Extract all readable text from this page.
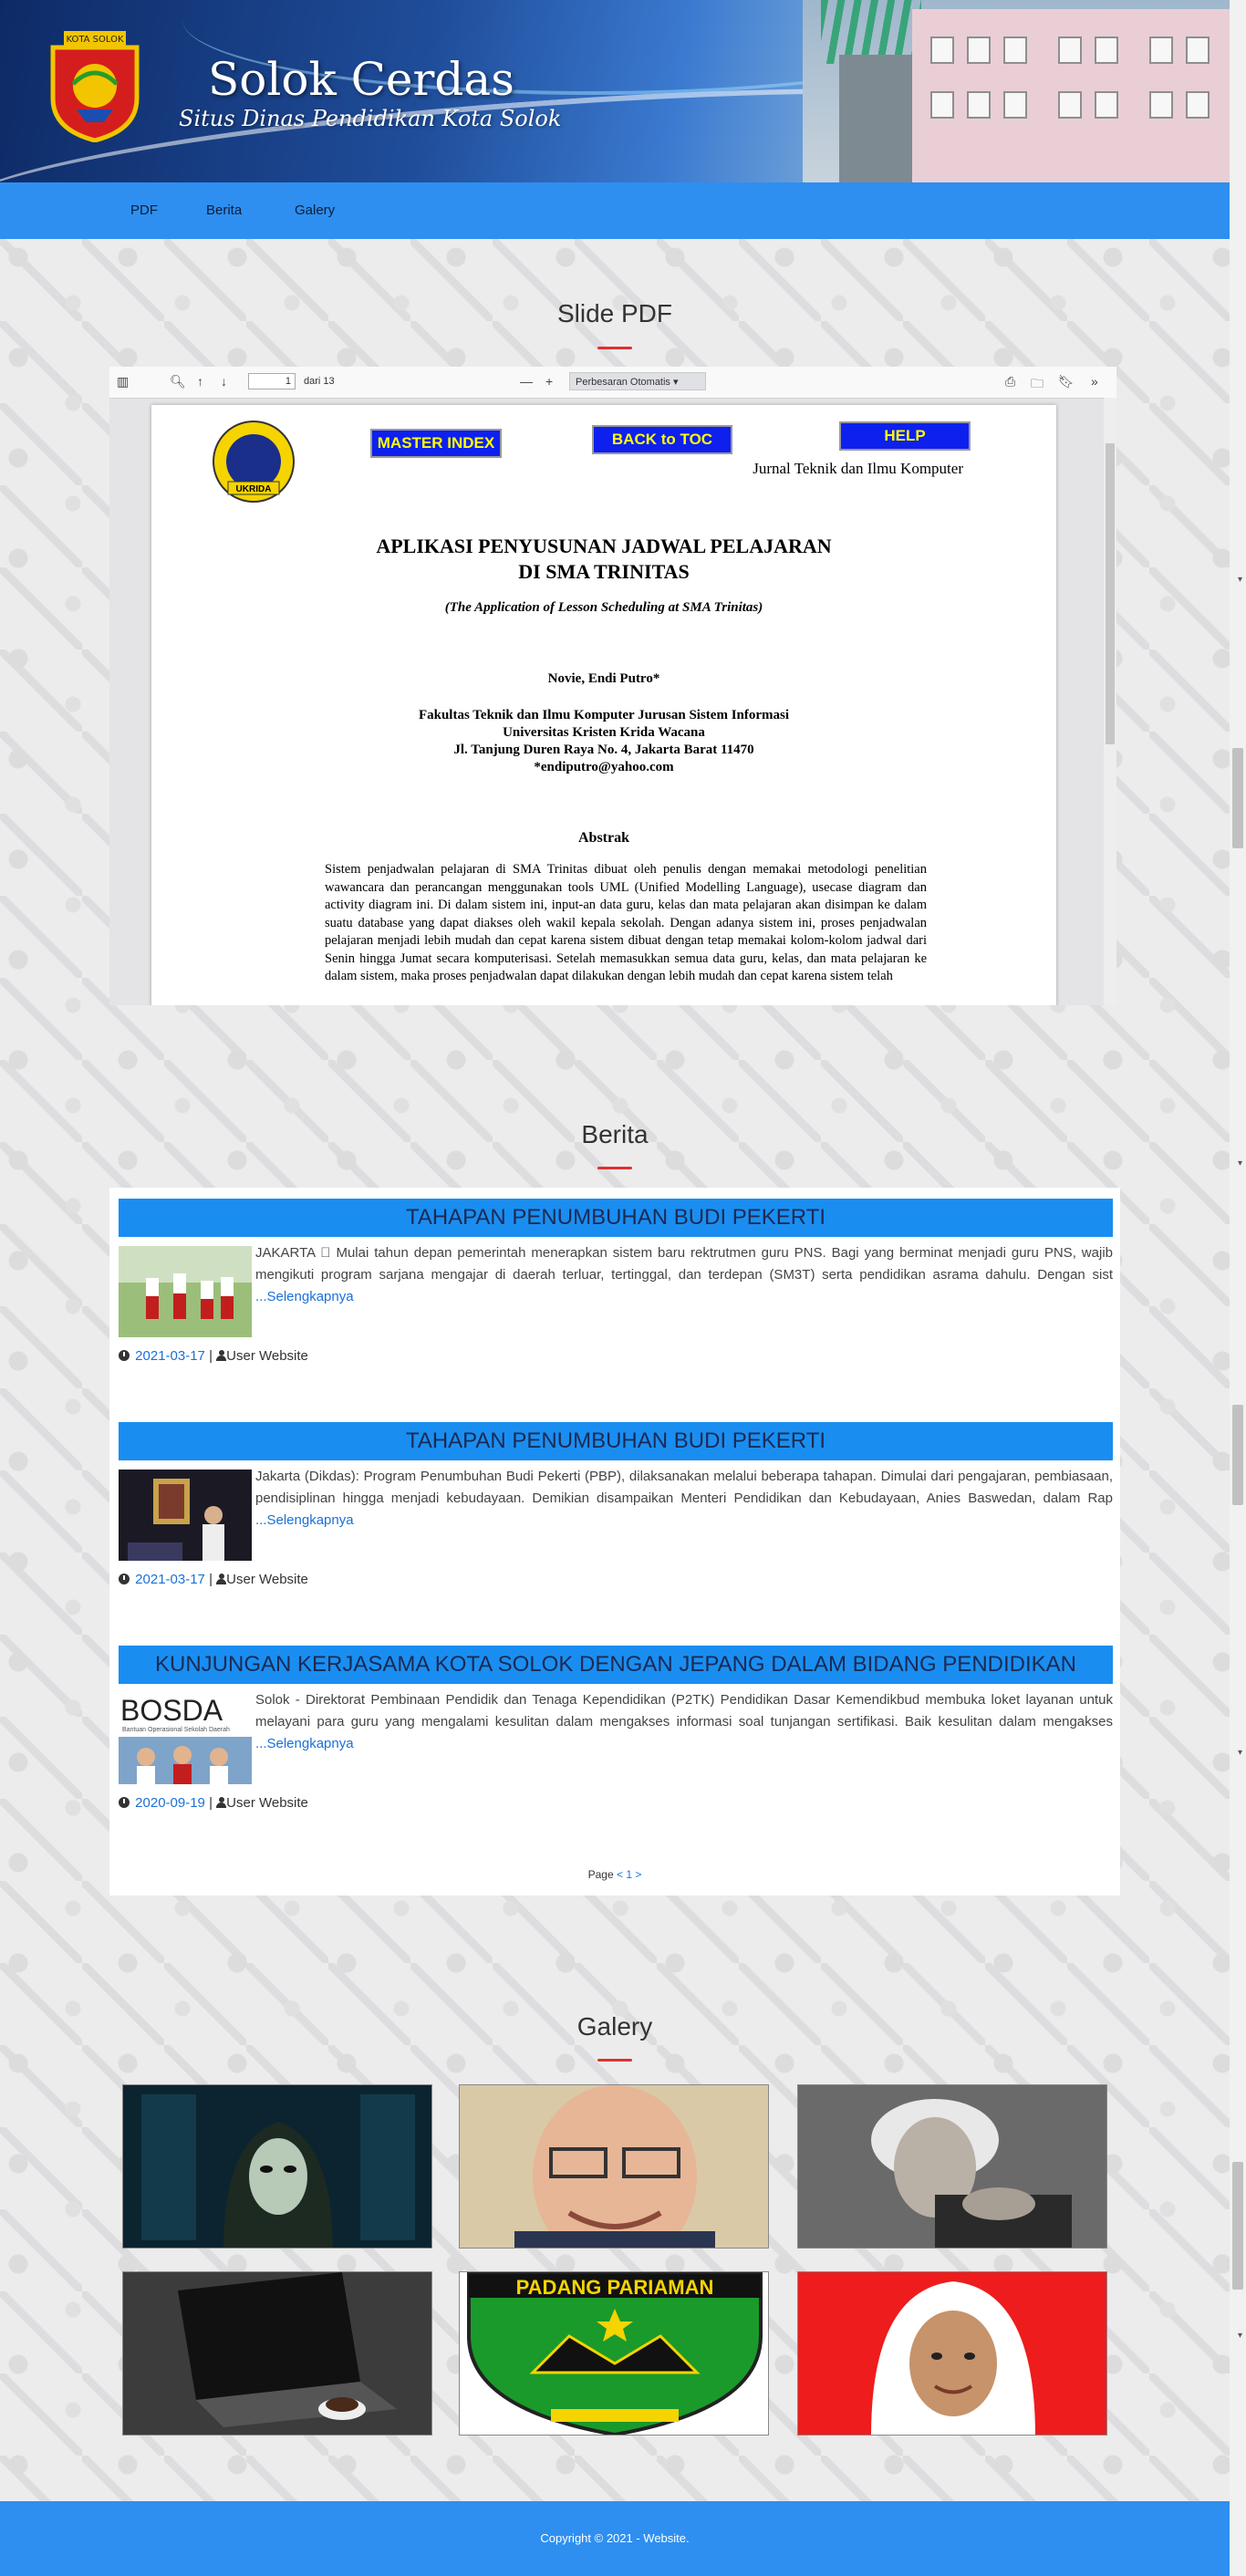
KOTA SOLOK
Solok Cerdas
Situs Dinas Pendidikan Kota Solok
PDF	Berita	Galery
Slide PDF
▥	🔍︎ ↑ ↓	1	dari 13	— +	Perbesaran Otomatis ▾	⎙ 🗀 🔖︎ »
UKRIDA
MASTER INDEX	BACK to TOC	HELP
Jurnal Teknik dan Ilmu Komputer
APLIKASI PENYUSUNAN JADWAL PELAJARAN
DI SMA TRINITAS
(The Application of Lesson Scheduling at SMA Trinitas)
Novie, Endi Putro*
Fakultas Teknik dan Ilmu Komputer Jurusan Sistem Informasi
Universitas Kristen Krida Wacana
Jl. Tanjung Duren Raya No. 4, Jakarta Barat 11470
*endiputro@yahoo.com
Abstrak
Sistem penjadwalan pelajaran di SMA Trinitas dibuat oleh penulis dengan memakai metodologi penelitian wawancara dan perancangan menggunakan tools UML (Unified Modelling Language), usecase diagram dan activity diagram ini. Di dalam sistem ini, input-an data guru, kelas dan mata pelajaran akan disimpan ke dalam suatu database yang dapat diakses oleh wakil kepala sekolah. Dengan adanya sistem ini, proses penjadwalan pelajaran menjadi lebih mudah dan cepat karena sistem dibuat dengan tetap memakai kolom-kolom jadwal dari Senin hingga Jumat secara komputerisasi. Setelah memasukkan semua data guru, kelas, dan mata pelajaran ke dalam sistem, maka proses penjadwalan dapat dilakukan dengan lebih mudah dan cepat karena sistem telah
Berita
TAHAPAN PENUMBUHAN BUDI PEKERTI
JAKARTA   Mulai tahun depan pemerintah menerapkan sistem baru rektrutmen guru PNS. Bagi yang berminat menjadi guru PNS, wajib mengikuti program sarjana mengajar di daerah terluar, tertinggal, dan terdepan (SM3T) serta pendidikan asrama dahulu. Dengan sist ...Selengkapnya
2021-03-17 | User Website
TAHAPAN PENUMBUHAN BUDI PEKERTI
Jakarta (Dikdas): Program Penumbuhan Budi Pekerti (PBP), dilaksanakan melalui beberapa tahapan. Dimulai dari pengajaran, pembiasaan, pendisiplinan hingga menjadi kebudayaan. Demikian disampaikan Menteri Pendidikan dan Kebudayaan, Anies Baswedan, dalam Rap ...Selengkapnya
2021-03-17 | User Website
KUNJUNGAN KERJASAMA KOTA SOLOK DENGAN JEPANG DALAM BIDANG PENDIDIKAN
BOSDA
Bantuan Operasional Sekolah Daerah
Solok - Direktorat Pembinaan Pendidik dan Tenaga Kependidikan (P2TK) Pendidikan Dasar Kemendikbud membuka loket layanan untuk melayani para guru yang mengalami kesulitan dalam mengakses informasi soal tunjangan sertifikasi. Baik kesulitan dalam mengakses ...Selengkapnya
2020-09-19 | User Website
Page < 1 >
Galery
PADANG PARIAMAN
Copyright © 2021 - Website.
▾
▾
▾
▾
